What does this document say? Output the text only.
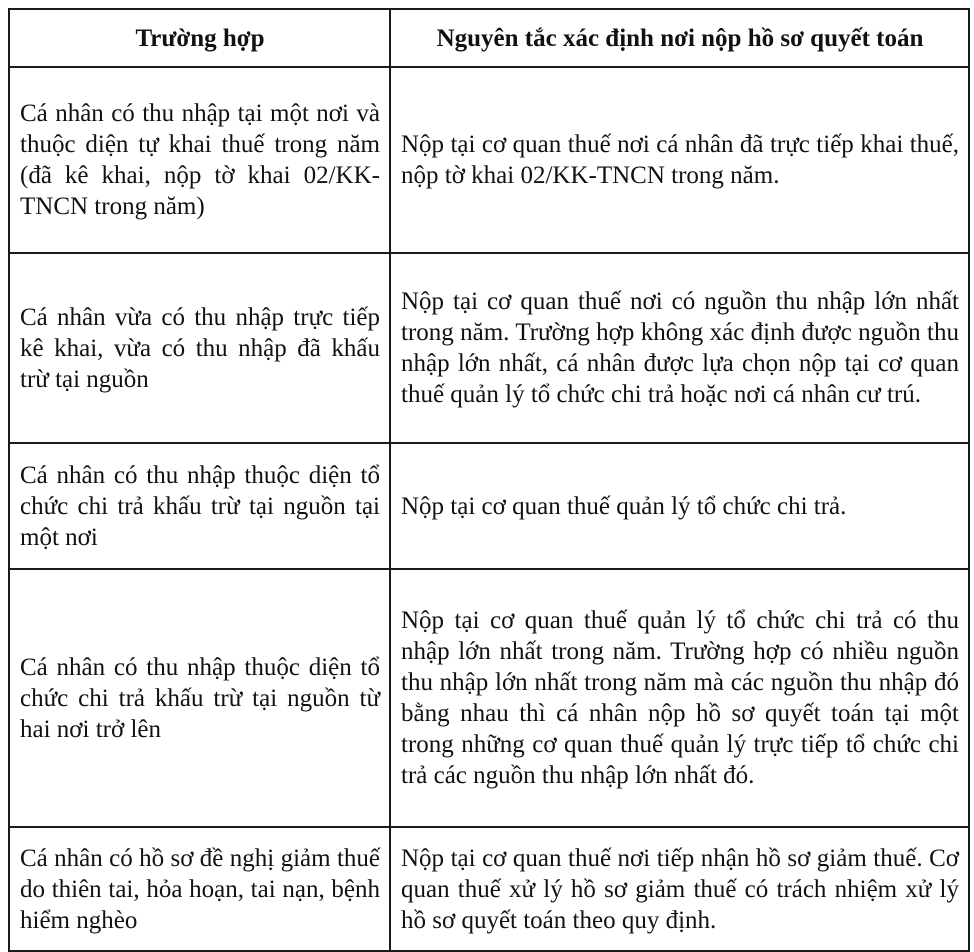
Trường hợp	Nguyên tắc xác định nơi nộp hồ sơ quyết toán
Cá nhân có thu nhập tại một nơi và thuộc diện tự khai thuế trong năm (đã kê khai, nộp tờ khai 02/KK-TNCN trong năm)	Nộp tại cơ quan thuế nơi cá nhân đã trực tiếp khai thuế, nộp tờ khai 02/KK-TNCN trong năm.
Cá nhân vừa có thu nhập trực tiếp kê khai, vừa có thu nhập đã khấu trừ tại nguồn	Nộp tại cơ quan thuế nơi có nguồn thu nhập lớn nhất trong năm. Trường hợp không xác định được nguồn thu nhập lớn nhất, cá nhân được lựa chọn nộp tại cơ quan thuế quản lý tổ chức chi trả hoặc nơi cá nhân cư trú.
Cá nhân có thu nhập thuộc diện tổ chức chi trả khấu trừ tại nguồn tại một nơi	Nộp tại cơ quan thuế quản lý tổ chức chi trả.
Cá nhân có thu nhập thuộc diện tổ chức chi trả khấu trừ tại nguồn từ hai nơi trở lên	Nộp tại cơ quan thuế quản lý tổ chức chi trả có thu nhập lớn nhất trong năm. Trường hợp có nhiều nguồn thu nhập lớn nhất trong năm mà các nguồn thu nhập đó bằng nhau thì cá nhân nộp hồ sơ quyết toán tại một trong những cơ quan thuế quản lý trực tiếp tổ chức chi trả các nguồn thu nhập lớn nhất đó.
Cá nhân có hồ sơ đề nghị giảm thuế do thiên tai, hỏa hoạn, tai nạn, bệnh hiểm nghèo	Nộp tại cơ quan thuế nơi tiếp nhận hồ sơ giảm thuế. Cơ quan thuế xử lý hồ sơ giảm thuế có trách nhiệm xử lý hồ sơ quyết toán theo quy định.
